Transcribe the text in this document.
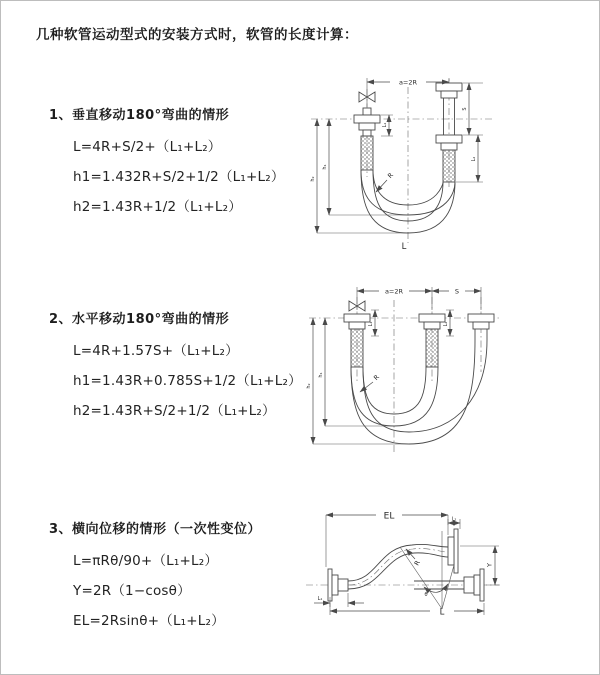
几种软管运动型式的安装方式时，软管的长度计算：
1、垂直移动180°弯曲的情形
L=4R+S/2+（L₁+L₂）
h1=1.432R+S/2+1/2（L₁+L₂）
h2=1.43R+1/2（L₁+L₂）
2、水平移动180°弯曲的情形
L=4R+1.57S+（L₁+L₂）
h1=1.43R+0.785S+1/2（L₁+L₂）
h2=1.43R+S/2+1/2（L₁+L₂）
3、横向位移的情形（一次性变位）
L=πRθ/90+（L₁+L₂）
Y=2R（1−cosθ）
EL=2Rsinθ+（L₁+L₂）
a=2R
L₁
h₁
h₂
S
L₂
R
L
a=2R	S
L₁	L₂
h₁
h₂
R
EL	L₂
Y
R
θ
L₁
L
